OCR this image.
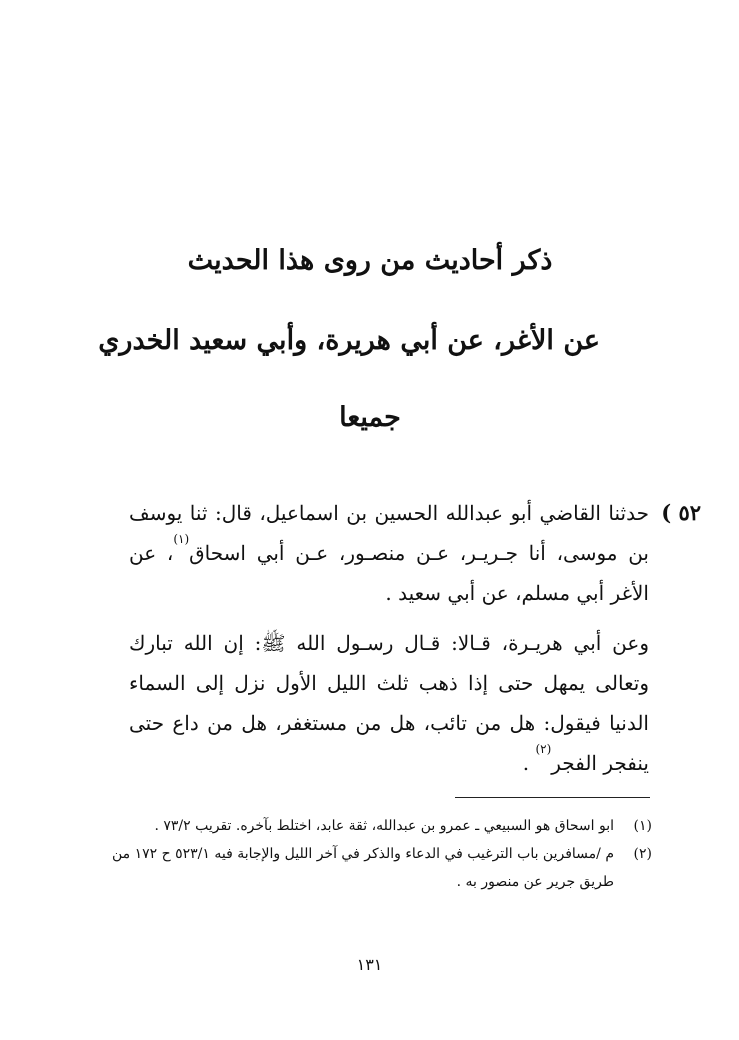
ذكر أحاديث من روى هذا الحديث
عن الأغر، عن أبي هريرة، وأبي سعيد الخدري
جميعا
٥٢ )

حدثنا القاضي أبو عبدالله الحسين بن اسماعيل، قال: ثنا يوسف بن موسى، أنا جـريـر، عـن منصـور، عـن أبي اسحاق$^{(١)}$، عن الأغر أبي مسلم، عن أبي سعيد .

وعن أبي هريـرة، قـالا: قـال رسـول الله ﷺ: إن الله تبارك وتعالى يمهل حتى إذا ذهب ثلث الليل الأول نزل إلى السماء الدنيا فيقول: هل من تائب، هل من مستغفر، هل من داع حتى ينفجر الفجر$^{(٢)}$ .

(١)
ابو اسحاق هو السبيعي ـ عمرو بن عبدالله، ثقة عابد، اختلط بآخره. تقريب ٧٣/٢ .

(٢)
م /مسافرين باب الترغيب في الدعاء والذكر في آخر الليل والإجابة فيه ٥٢٣/١ ح ١٧٢ من طريق جرير عن منصور به .

١٣١
